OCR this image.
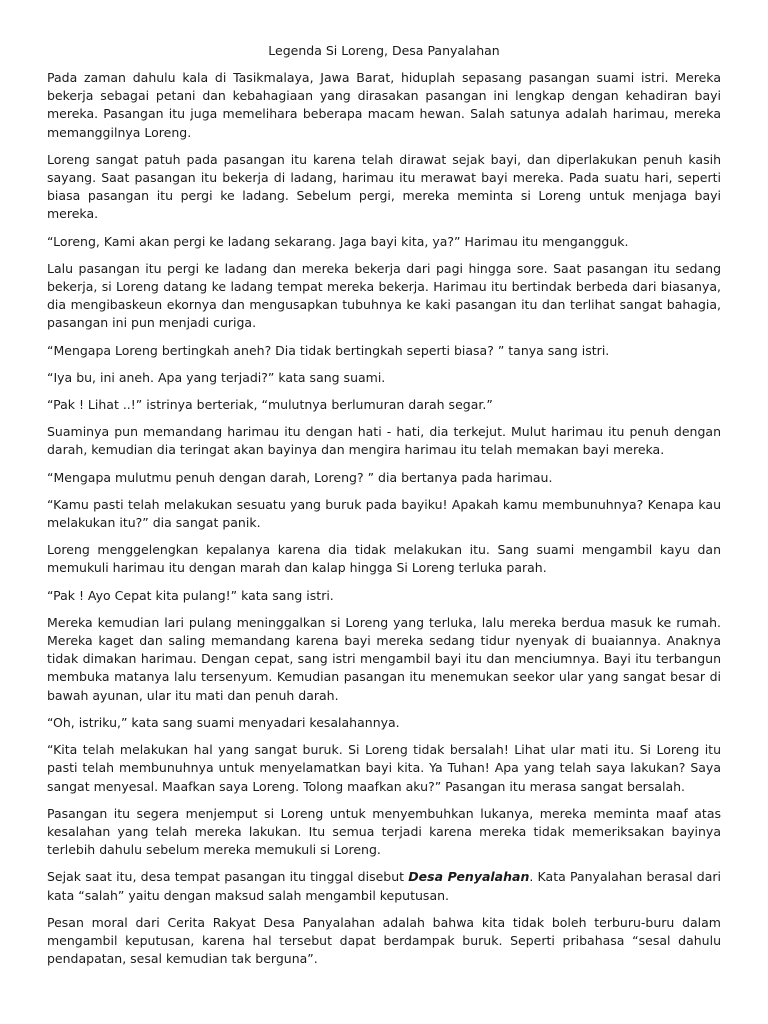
Legenda Si Loreng, Desa Panyalahan

Pada zaman dahulu kala di Tasikmalaya, Jawa Barat, hiduplah sepasang pasangan suami istri. Mereka bekerja sebagai petani dan kebahagiaan yang dirasakan pasangan ini lengkap dengan kehadiran bayi mereka. Pasangan itu juga memelihara beberapa macam hewan. Salah satunya adalah harimau, mereka memanggilnya Loreng.

Loreng sangat patuh pada pasangan itu karena telah dirawat sejak bayi, dan diperlakukan penuh kasih sayang. Saat pasangan itu bekerja di ladang, harimau itu merawat bayi mereka. Pada suatu hari, seperti biasa pasangan itu pergi ke ladang. Sebelum pergi, mereka meminta si Loreng untuk menjaga bayi mereka.

“Loreng, Kami akan pergi ke ladang sekarang. Jaga bayi kita, ya?” Harimau itu mengangguk.

Lalu pasangan itu pergi ke ladang dan mereka bekerja dari pagi hingga sore. Saat pasangan itu sedang bekerja, si Loreng datang ke ladang tempat mereka bekerja. Harimau itu bertindak berbeda dari biasanya, dia mengibaskeun ekornya dan mengusapkan tubuhnya ke kaki pasangan itu dan terlihat sangat bahagia, pasangan ini pun menjadi curiga.

“Mengapa Loreng bertingkah aneh? Dia tidak bertingkah seperti biasa? ” tanya sang istri.

“Iya bu, ini aneh. Apa yang terjadi?” kata sang suami.

“Pak ! Lihat ..!” istrinya berteriak, “mulutnya berlumuran darah segar.”

Suaminya pun memandang harimau itu dengan hati - hati, dia terkejut. Mulut harimau itu penuh dengan darah, kemudian dia teringat akan bayinya dan mengira harimau itu telah memakan bayi mereka.

“Mengapa mulutmu penuh dengan darah, Loreng? ” dia bertanya pada harimau.

“Kamu pasti telah melakukan sesuatu yang buruk pada bayiku! Apakah kamu membunuhnya? Kenapa kau melakukan itu?” dia sangat panik.

Loreng menggelengkan kepalanya karena dia tidak melakukan itu. Sang suami mengambil kayu dan memukuli harimau itu dengan marah dan kalap hingga Si Loreng terluka parah.

“Pak ! Ayo Cepat kita pulang!” kata sang istri.

Mereka kemudian lari pulang meninggalkan si Loreng yang terluka, lalu mereka berdua masuk ke rumah. Mereka kaget dan saling memandang karena bayi mereka sedang tidur nyenyak di buaiannya. Anaknya tidak dimakan harimau. Dengan cepat, sang istri mengambil bayi itu dan menciumnya. Bayi itu terbangun membuka matanya lalu tersenyum. Kemudian pasangan itu menemukan seekor ular yang sangat besar di bawah ayunan, ular itu mati dan penuh darah.

“Oh, istriku,” kata sang suami menyadari kesalahannya.

“Kita telah melakukan hal yang sangat buruk. Si Loreng tidak bersalah! Lihat ular mati itu. Si Loreng itu pasti telah membunuhnya untuk menyelamatkan bayi kita. Ya Tuhan! Apa yang telah saya lakukan? Saya sangat menyesal. Maafkan saya Loreng. Tolong maafkan aku?” Pasangan itu merasa sangat bersalah.

Pasangan itu segera menjemput si Loreng untuk menyembuhkan lukanya, mereka meminta maaf atas kesalahan yang telah mereka lakukan. Itu semua terjadi karena mereka tidak memeriksakan bayinya terlebih dahulu sebelum mereka memukuli si Loreng.

Sejak saat itu, desa tempat pasangan itu tinggal disebut Desa Penyalahan. Kata Panyalahan berasal dari kata “salah” yaitu dengan maksud salah mengambil keputusan.

Pesan moral dari Cerita Rakyat Desa Panyalahan adalah bahwa kita tidak boleh terburu-buru dalam mengambil keputusan, karena hal tersebut dapat berdampak buruk. Seperti pribahasa “sesal dahulu pendapatan, sesal kemudian tak berguna”.
